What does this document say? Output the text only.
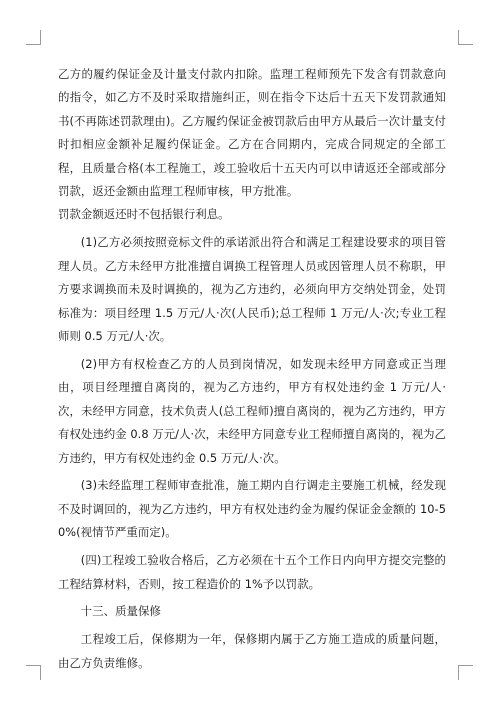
乙方的履约保证金及计量支付款内扣除。监理工程师预先下发含有罚款意向的指令，如乙方不及时采取措施纠正，则在指令下达后十五天下发罚款通知书(不再陈述罚款理由)。乙方履约保证金被罚款后由甲方从最后一次计量支付时扣相应金额补足履约保证金。乙方在合同期内，完成合同规定的全部工程，且质量合格(本工程施工，竣工验收后十五天内可以申请返还全部或部分罚款，返还金额由监理工程师审核，甲方批准。

罚款金额返还时不包括银行利息。

(1)乙方必须按照竞标文件的承诺派出符合和满足工程建设要求的项目管理人员。乙方未经甲方批准擅自调换工程管理人员或因管理人员不称职，甲方要求调换而未及时调换的，视为乙方违约，必须向甲方交纳处罚金，处罚标准为：项目经理 1.5 万元/人·次(人民币);总工程师 1 万元/人·次;专业工程师则 0.5 万元/人·次。

(2)甲方有权检查乙方的人员到岗情况，如发现未经甲方同意或正当理由，项目经理擅自离岗的，视为乙方违约，甲方有权处违约金 1 万元/人·次，未经甲方同意，技术负责人(总工程师)擅自离岗的，视为乙方违约，甲方有权处违约金 0.8 万元/人·次，未经甲方同意专业工程师擅自离岗的，视为乙方违约，甲方有权处违约金 0.5 万元/人·次。

(3)未经监理工程师审查批准，施工期内自行调走主要施工机械，经发现不及时调回的，视为乙方违约，甲方有权处违约金为履约保证金金额的 10-50%(视情节严重而定)。

(四)工程竣工验收合格后，乙方必须在十五个工作日内向甲方提交完整的工程结算材料，否则，按工程造价的 1%予以罚款。

十三、质量保修

工程竣工后，保修期为一年，保修期内属于乙方施工造成的质量问题，由乙方负责维修。
